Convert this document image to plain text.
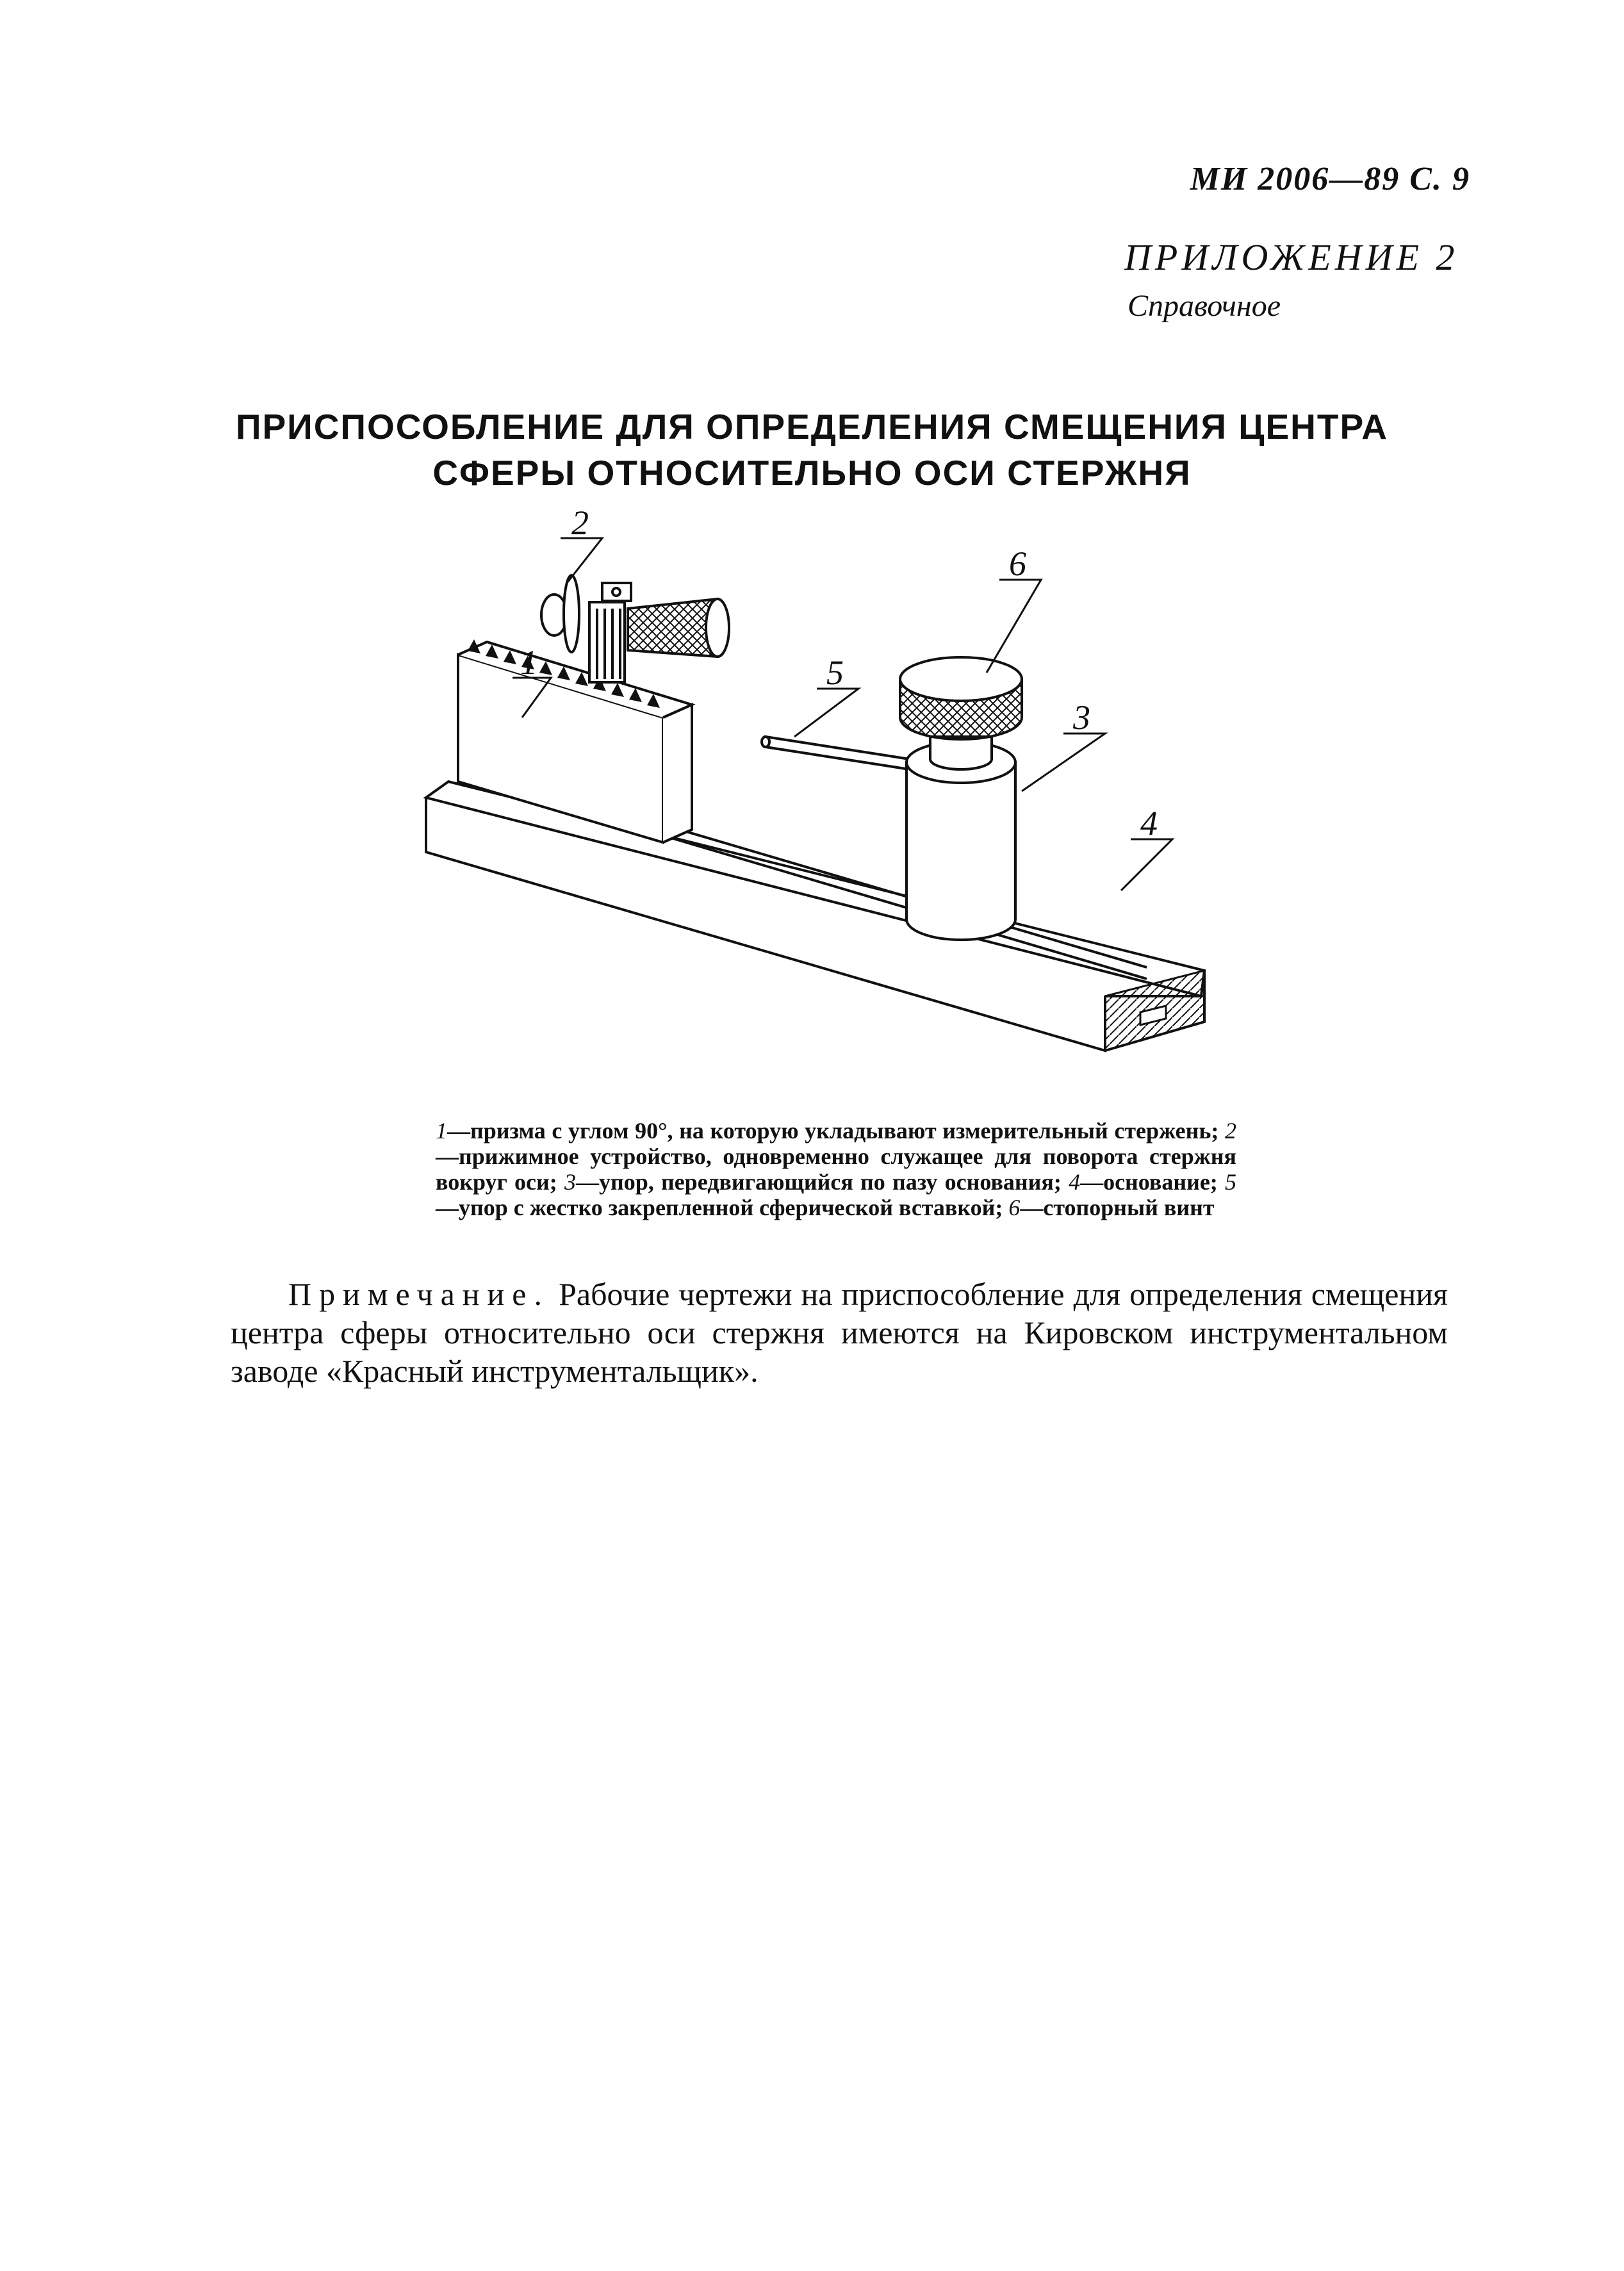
МИ 2006—89 С. 9
ПРИЛОЖЕНИЕ 2
Справочное
ПРИСПОСОБЛЕНИЕ ДЛЯ ОПРЕДЕЛЕНИЯ СМЕЩЕНИЯ ЦЕНТРА
СФЕРЫ ОТНОСИТЕЛЬНО ОСИ СТЕРЖНЯ
1
2
3
4
5
6
1—призма с углом 90°, на которую укладывают измерительный стержень; 2—прижимное устройство, одновременно служащее для поворота стержня вокруг оси; 3—упор, передвигающийся по пазу основания; 4—основание; 5—упор с жестко закрепленной сферической вставкой; 6—стопорный винт
Примечание. Рабочие чертежи на приспособление для определения смещения центра сферы относительно оси стержня имеются на Кировском инструментальном заводе «Красный инструментальщик».
